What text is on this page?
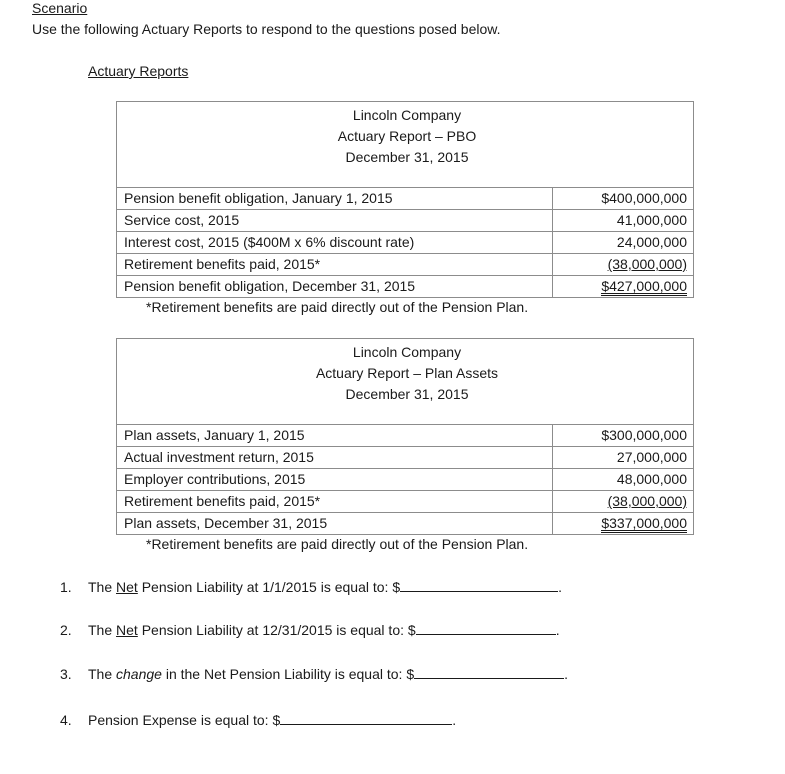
Scenario
Use the following Actuary Reports to respond to the questions posed below.
Actuary Reports
Lincoln Company
Actuary Report – PBO
December 31, 2015
Pension benefit obligation, January 1, 2015	$400,000,000
Service cost, 2015	41,000,000
Interest cost, 2015 ($400M x 6% discount rate)	24,000,000
Retirement benefits paid, 2015*	(38,000,000)
Pension benefit obligation, December 31, 2015	$427,000,000
*Retirement benefits are paid directly out of the Pension Plan.
Lincoln Company
Actuary Report – Plan Assets
December 31, 2015
Plan assets, January 1, 2015	$300,000,000
Actual investment return, 2015	27,000,000
Employer contributions, 2015	48,000,000
Retirement benefits paid, 2015*	(38,000,000)
Plan assets, December 31, 2015	$337,000,000
*Retirement benefits are paid directly out of the Pension Plan.
1. The Net Pension Liability at 1/1/2015 is equal to: $	.
2. The Net Pension Liability at 12/31/2015 is equal to: $	.
3. The change in the Net Pension Liability is equal to: $	.
4. Pension Expense is equal to: $	.
